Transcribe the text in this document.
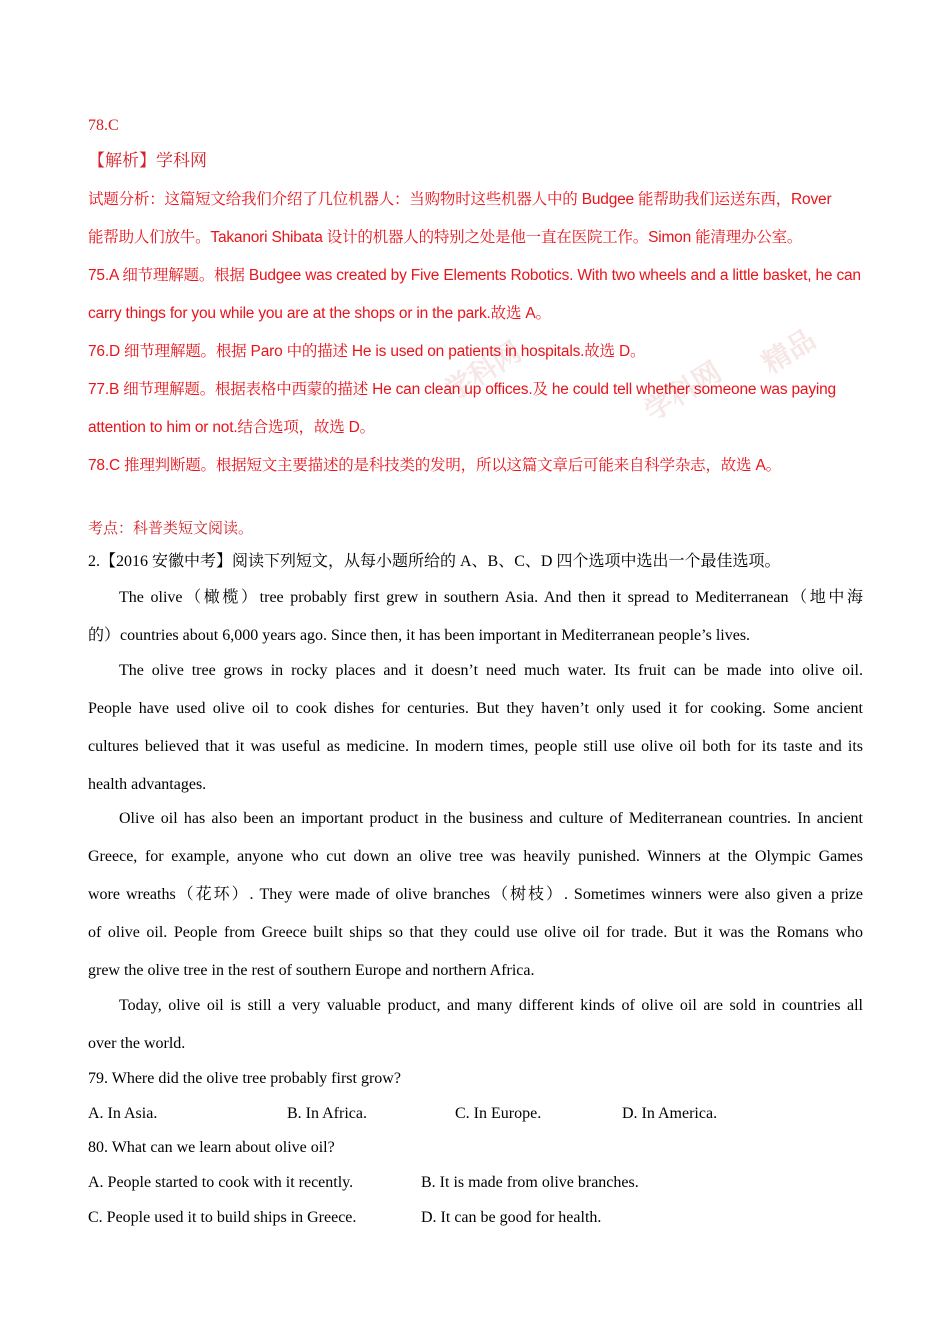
学科网	学科网
精品
78.C
【解析】学科网
试题分析：这篇短文给我们介绍了几位机器人：当购物时这些机器人中的 Budgee 能帮助我们运送东西，Rover
能帮助人们放牛。Takanori Shibata 设计的机器人的特别之处是他一直在医院工作。Simon 能清理办公室。
75.A 细节理解题。根据 Budgee was created by Five Elements Robotics. With two wheels and a little basket, he can
carry things for you while you are at the shops or in the park.故选 A。
76.D 细节理解题。根据 Paro 中的描述 He is used on patients in hospitals.故选 D。
77.B 细节理解题。根据表格中西蒙的描述 He can clean up offices.及 he could tell whether someone was paying
attention to him or not.结合选项，故选 D。
78.C 推理判断题。根据短文主要描述的是科技类的发明，所以这篇文章后可能来自科学杂志，故选 A。
考点：科普类短文阅读。
2.【2016 安徽中考】阅读下列短文，从每小题所给的 A、B、C、D 四个选项中选出一个最佳选项。
The olive（橄榄）tree probably first grew in southern Asia. And then it spread to Mediterranean（地中海
的）countries about 6,000 years ago. Since then, it has been important in Mediterranean people’s lives.
The olive tree grows in rocky places and it doesn’t need much water. Its fruit can be made into olive oil.
People have used olive oil to cook dishes for centuries. But they haven’t only used it for cooking. Some ancient
cultures believed that it was useful as medicine. In modern times, people still use olive oil both for its taste and its
health advantages.
Olive oil has also been an important product in the business and culture of Mediterranean countries. In ancient
Greece, for example, anyone who cut down an olive tree was heavily punished. Winners at the Olympic Games
wore wreaths（花环）. They were made of olive branches（树枝）. Sometimes winners were also given a prize
of olive oil. People from Greece built ships so that they could use olive oil for trade. But it was the Romans who
grew the olive tree in the rest of southern Europe and northern Africa.
Today, olive oil is still a very valuable product, and many different kinds of olive oil are sold in countries all
over the world.
79. Where did the olive tree probably first grow?
A. In Asia.	B. In Africa.	C. In Europe.	D. In America.
80. What can we learn about olive oil?
A. People started to cook with it recently.	B. It is made from olive branches.
C. People used it to build ships in Greece.	D. It can be good for health.
